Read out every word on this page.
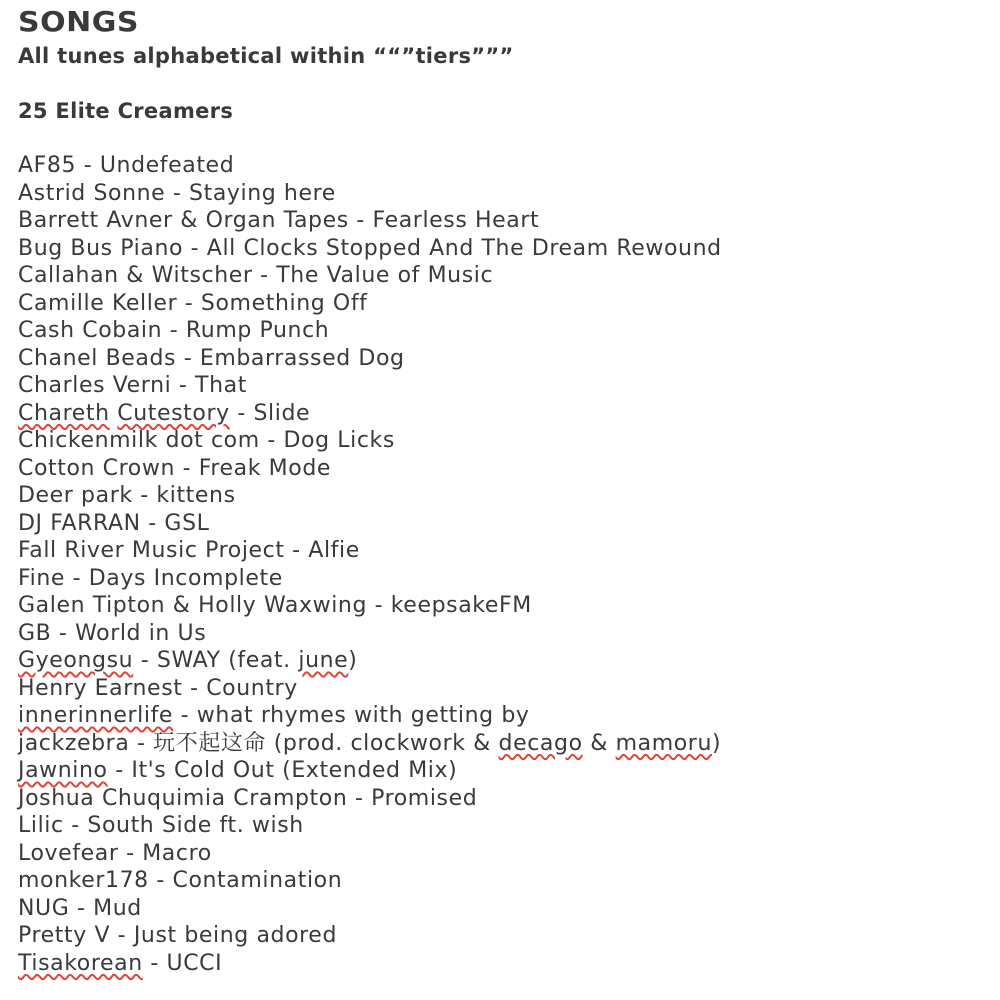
SONGS

All tunes alphabetical within ““”tiers”””

25 Elite Creamers

AF85 - Undefeated
Astrid Sonne - Staying here
Barrett Avner & Organ Tapes - Fearless Heart
Bug Bus Piano - All Clocks Stopped And The Dream Rewound
Callahan & Witscher - The Value of Music
Camille Keller - Something Off
Cash Cobain - Rump Punch
Chanel Beads - Embarrassed Dog
Charles Verni - That
Chareth Cutestory - Slide
Chickenmilk dot com - Dog Licks
Cotton Crown - Freak Mode
Deer park - kittens
DJ FARRAN - GSL
Fall River Music Project - Alfie
Fine - Days Incomplete
Galen Tipton & Holly Waxwing - keepsakeFM
GB - World in Us
Gyeongsu - SWAY (feat. june)
Henry Earnest - Country
innerinnerlife - what rhymes with getting by
jackzebra - 玩不起这命 (prod. clockwork & decago & mamoru)
Jawnino - It's Cold Out (Extended Mix)
Joshua Chuquimia Crampton - Promised
Lilic - South Side ft. wish
Lovefear - Macro
monker178 - Contamination
NUG - Mud
Pretty V - Just being adored
Tisakorean - UCCI
